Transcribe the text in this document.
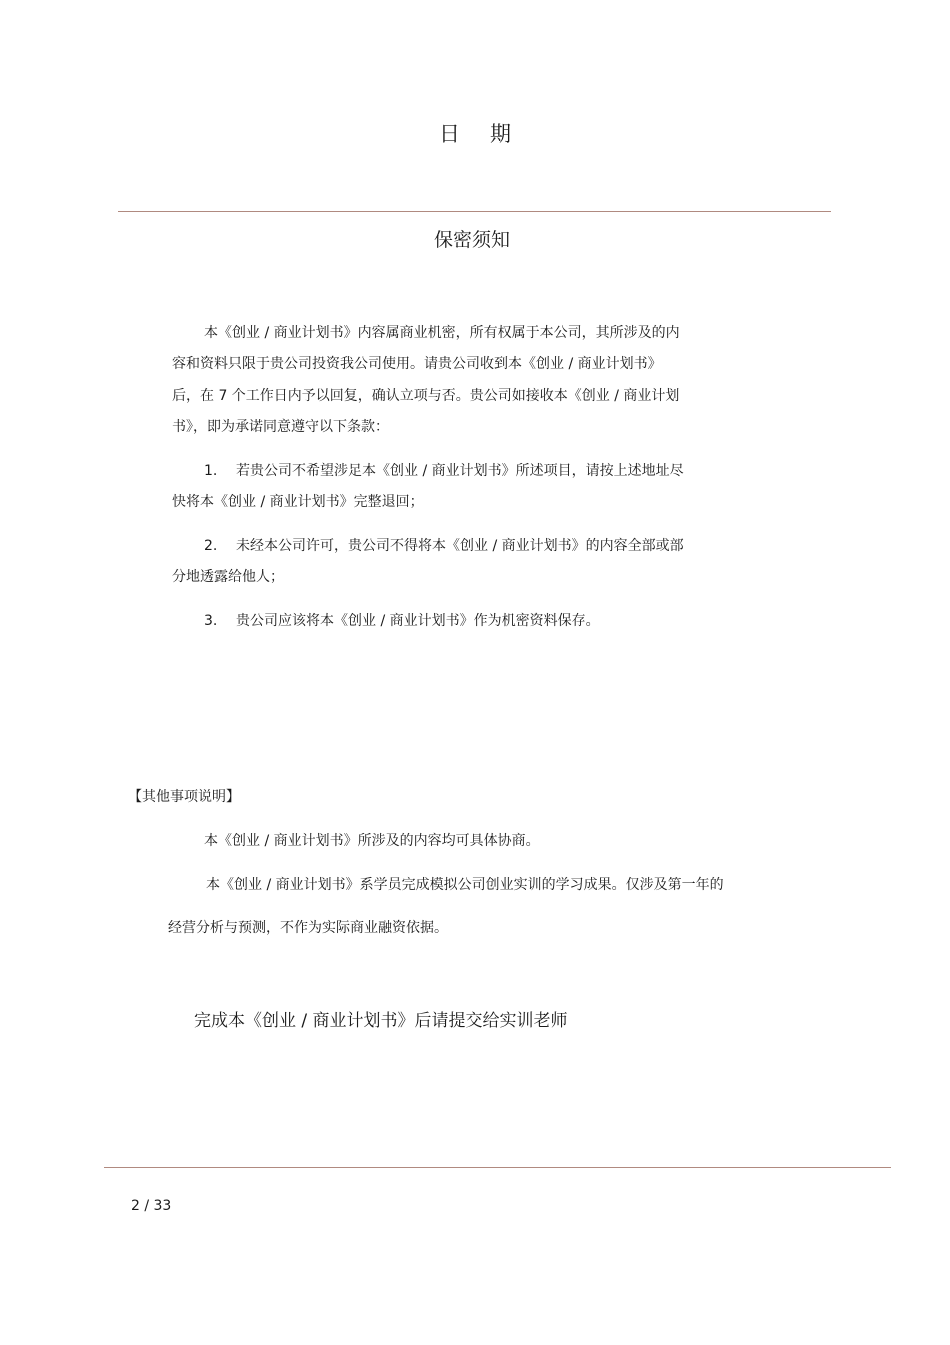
日期
保密须知
本《创业 / 商业计划书》内容属商业机密，所有权属于本公司，其所涉及的内
容和资料只限于贵公司投资我公司使用。请贵公司收到本《创业 / 商业计划书》
后，在 7 个工作日内予以回复，确认立项与否。贵公司如接收本《创业 / 商业计划
书》，即为承诺同意遵守以下条款：
1. 若贵公司不希望涉足本《创业 / 商业计划书》所述项目，请按上述地址尽
快将本《创业 / 商业计划书》完整退回；
2. 未经本公司许可，贵公司不得将本《创业 / 商业计划书》的内容全部或部
分地透露给他人；
3. 贵公司应该将本《创业 / 商业计划书》作为机密资料保存。
【其他事项说明】
本《创业 / 商业计划书》所涉及的内容均可具体协商。
本《创业 / 商业计划书》系学员完成模拟公司创业实训的学习成果。仅涉及第一年的
经营分析与预测，不作为实际商业融资依据。
完成本《创业 / 商业计划书》后请提交给实训老师
2 / 33
